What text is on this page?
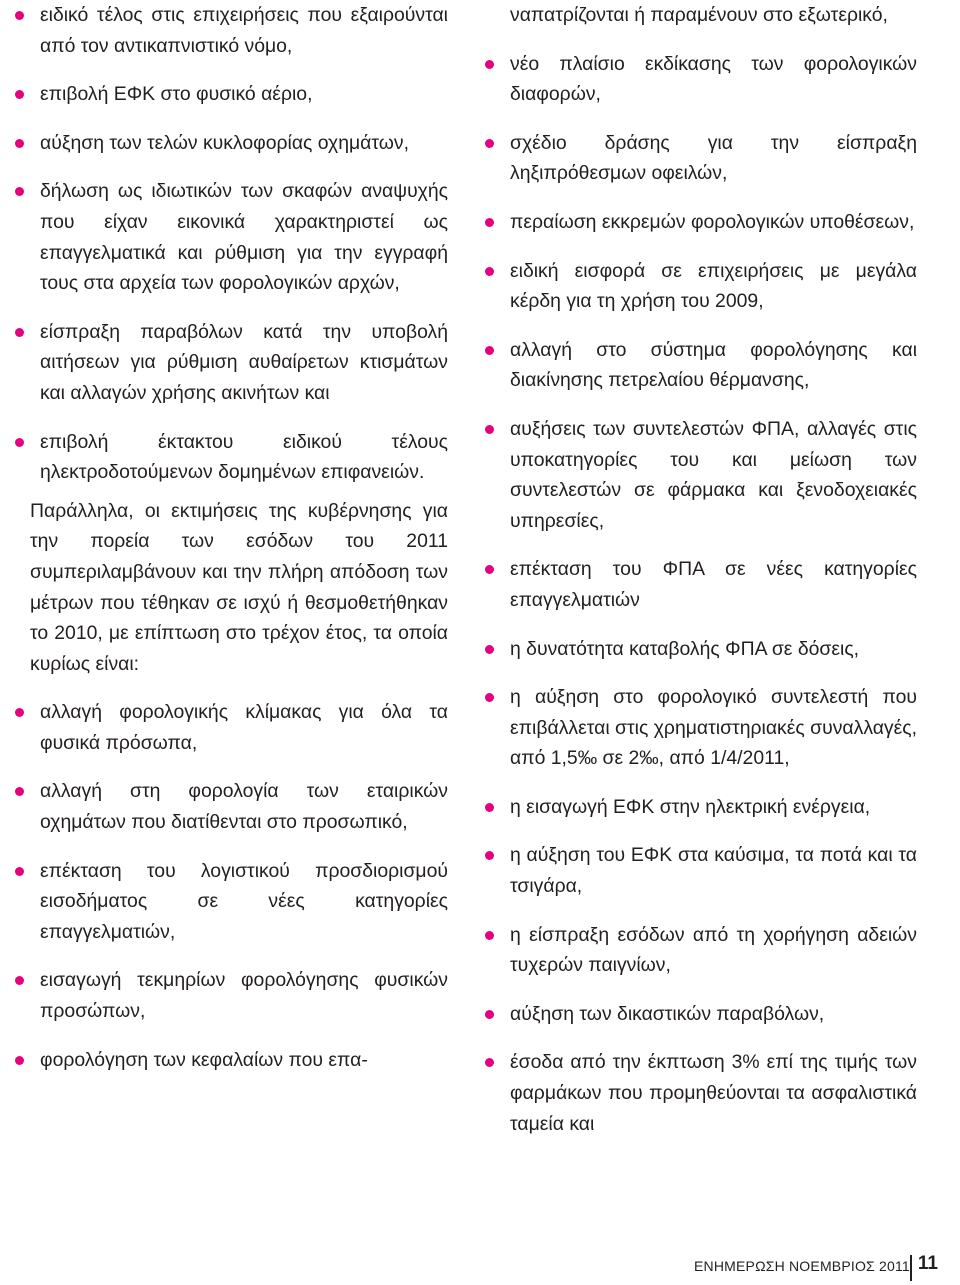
ειδικό τέλος στις επιχειρήσεις που εξαιρούνται από τον αντικαπνιστικό νόμο,
επιβολή ΕΦΚ στο φυσικό αέριο,
αύξηση των τελών κυκλοφορίας οχημάτων,
δήλωση ως ιδιωτικών των σκαφών αναψυχής που είχαν εικονικά χαρακτηριστεί ως επαγγελματικά και ρύθμιση για την εγγραφή τους στα αρχεία των φορολογικών αρχών,
είσπραξη παραβόλων κατά την υποβολή αιτήσεων για ρύθμιση αυθαίρετων κτισμάτων και αλλαγών χρήσης ακινήτων και
επιβολή έκτακτου ειδικού τέλους ηλεκτροδοτούμενων δομημένων επιφανειών.

Παράλληλα, οι εκτιμήσεις της κυβέρνησης για την πορεία των εσόδων του 2011 συμπεριλαμβάνουν και την πλήρη απόδοση των μέτρων που τέθηκαν σε ισχύ ή θεσμοθετήθηκαν το 2010, με επίπτωση στο τρέχον έτος, τα οποία κυρίως είναι:

αλλαγή φορολογικής κλίμακας για όλα τα φυσικά πρόσωπα,
αλλαγή στη φορολογία των εταιρικών οχημάτων που διατίθενται στο προσωπικό,
επέκταση του λογιστικού προσδιορισμού εισοδήματος σε νέες κατηγορίες επαγγελματιών,
εισαγωγή τεκμηρίων φορολόγησης φυσικών προσώπων,
φορολόγηση των κεφαλαίων που επα-

ναπατρίζονται ή παραμένουν στο εξωτερικό,

νέο πλαίσιο εκδίκασης των φορολογικών διαφορών,
σχέδιο δράσης για την είσπραξη ληξιπρόθεσμων οφειλών,
περαίωση εκκρεμών φορολογικών υποθέσεων,
ειδική εισφορά σε επιχειρήσεις με μεγάλα κέρδη για τη χρήση του 2009,
αλλαγή στο σύστημα φορολόγησης και διακίνησης πετρελαίου θέρμανσης,
αυξήσεις των συντελεστών ΦΠΑ, αλλαγές στις υποκατηγορίες του και μείωση των συντελεστών σε φάρμακα και ξενοδοχειακές υπηρεσίες,
επέκταση του ΦΠΑ σε νέες κατηγορίες επαγγελματιών
η δυνατότητα καταβολής ΦΠΑ σε δόσεις,
η αύξηση στο φορολογικό συντελεστή που επιβάλλεται στις χρηματιστηριακές συναλλαγές, από 1,5‰ σε 2‰, από 1/4/2011,
η εισαγωγή ΕΦΚ στην ηλεκτρική ενέργεια,
η αύξηση του ΕΦΚ στα καύσιμα, τα ποτά και τα τσιγάρα,
η είσπραξη εσόδων από τη χορήγηση αδειών τυχερών παιγνίων,
αύξηση των δικαστικών παραβόλων,
έσοδα από την έκπτωση 3% επί της τιμής των φαρμάκων που προμηθεύονται τα ασφαλιστικά ταμεία και
ΕΝΗΜΕΡΩΣΗ ΝΟΕΜΒΡΙΟΣ 2011 11
